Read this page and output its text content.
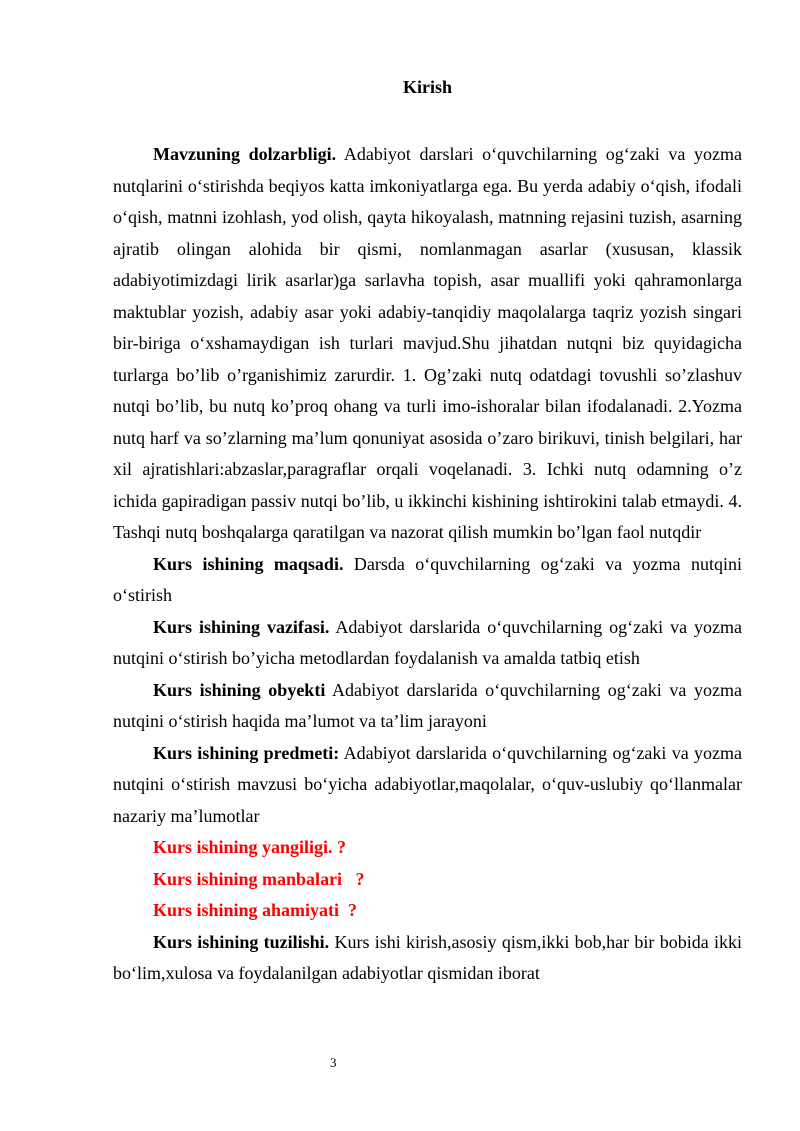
Kirish

Mavzuning dolzarbligi. Adabiyot darslari o‘quvchilarning og‘zaki va yozma nutqlarini o‘stirishda beqiyos katta imkoniyatlarga ega. Bu yerda adabiy o‘qish, ifodali o‘qish, matnni izohlash, yod olish, qayta hikoyalash, matnning rejasini tuzish, asarning ajratib olingan alohida bir qismi, nomlanmagan asarlar (xususan, klassik adabiyotimizdagi lirik asarlar)ga sarlavha topish, asar muallifi yoki qahramonlarga maktublar yozish, adabiy asar yoki adabiy-tanqidiy maqolalarga taqriz yozish singari bir-biriga o‘xshamaydigan ish turlari mavjud.Shu jihatdan nutqni biz quyidagicha turlarga bo’lib o’rganishimiz zarurdir. 1. Og’zaki nutq odatdagi tovushli so’zlashuv nutqi bo’lib, bu nutq ko’proq ohang va turli imo-ishoralar bilan ifodalanadi. 2.Yozma nutq harf va so’zlarning ma’lum qonuniyat asosida o’zaro birikuvi, tinish belgilari, har xil ajratishlari:abzaslar,paragraflar orqali voqelanadi. 3. Ichki nutq odamning o’z ichida gapiradigan passiv nutqi bo’lib, u ikkinchi kishining ishtirokini talab etmaydi. 4. Tashqi nutq boshqalarga qaratilgan va nazorat qilish mumkin bo’lgan faol nutqdir

Kurs ishining maqsadi. Darsda o‘quvchilarning og‘zaki va yozma nutqini o‘stirish

Kurs ishining vazifasi. Adabiyot darslarida o‘quvchilarning og‘zaki va yozma nutqini o‘stirish bo’yicha metodlardan foydalanish va amalda tatbiq etish

Kurs ishining obyekti Adabiyot darslarida o‘quvchilarning og‘zaki va yozma nutqini o‘stirish haqida ma’lumot va ta’lim jarayoni

Kurs ishining predmeti: Adabiyot darslarida o‘quvchilarning og‘zaki va yozma nutqini o‘stirish mavzusi bo‘yicha adabiyotlar,maqolalar, o‘quv-uslubiy qo‘llanmalar nazariy ma’lumotlar

Kurs ishining yangiligi. ?

Kurs ishining manbalari   ?

Kurs ishining ahamiyati  ?

Kurs ishining tuzilishi. Kurs ishi kirish,asosiy qism,ikki bob,har bir bobida ikki bo‘lim,xulosa va foydalanilgan adabiyotlar qismidan iborat

3
